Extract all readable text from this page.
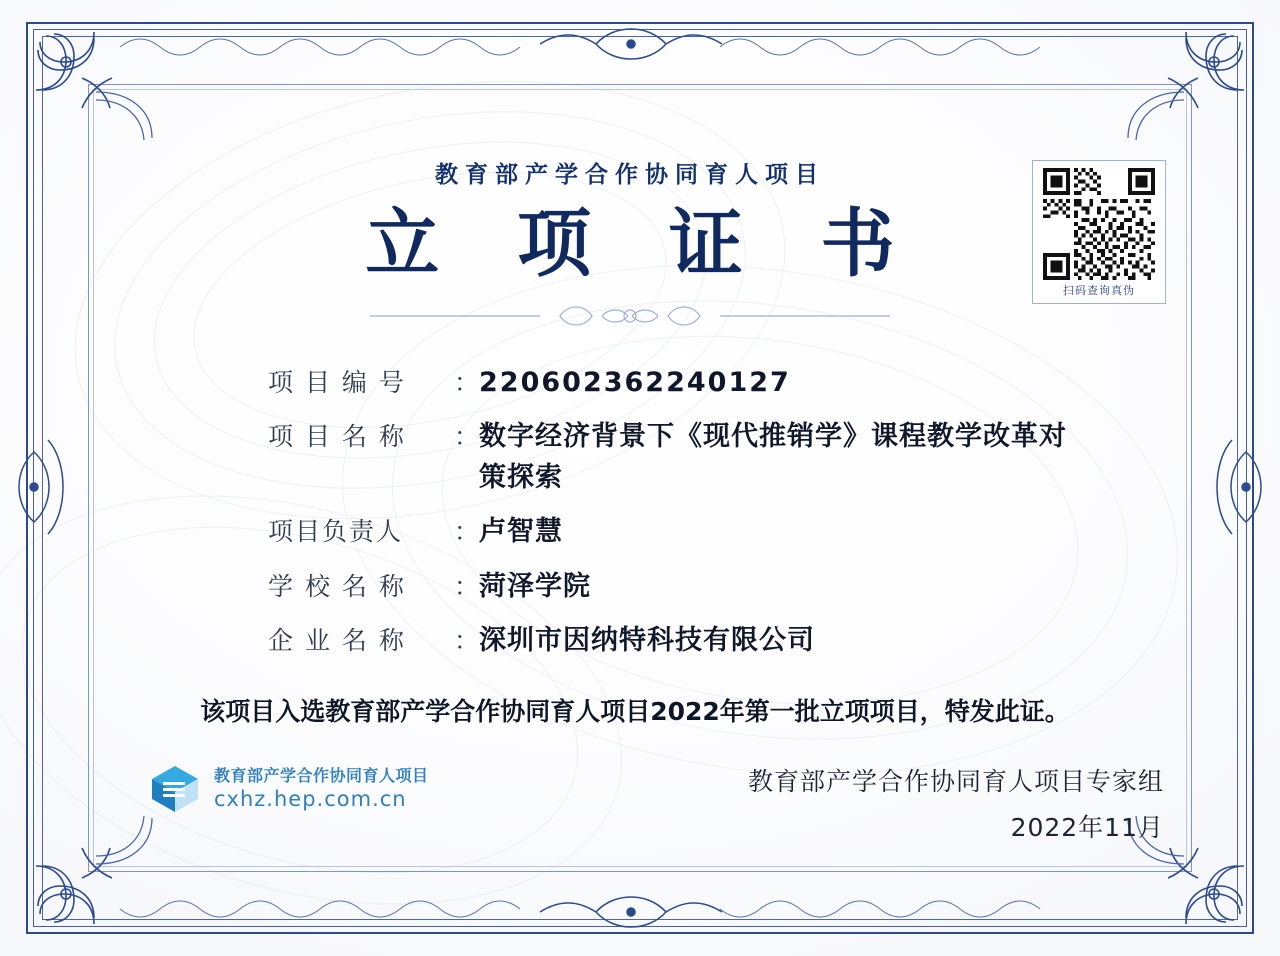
扫码查询真伪
教育部产学合作协同育人项目
立 项 证 书
项 目 编 号	： 220602362240127
项 目 名 称	： 数字经济背景下《现代推销学》课程教学改革对策探索
项目负责人	： 卢智慧
学 校 名 称	： 菏泽学院
企 业 名 称	： 深圳市因纳特科技有限公司
该项目入选教育部产学合作协同育人项目2022年第一批立项项目，特发此证。
教育部产学合作协同育人项目
cxhz.hep.com.cn
教育部产学合作协同育人项目专家组
2022年11月
